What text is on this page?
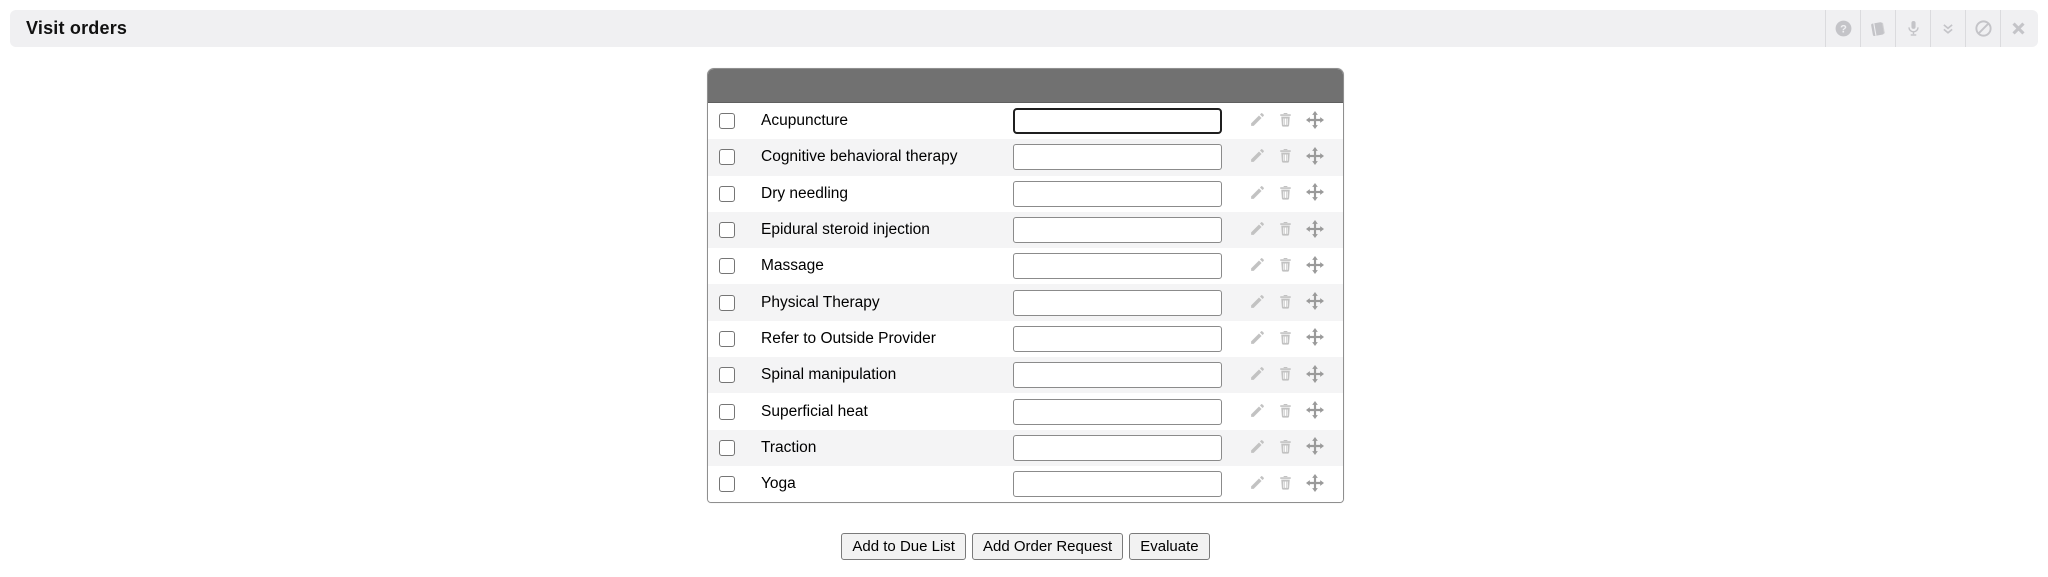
Visit orders	?
Acupuncture
Cognitive behavioral therapy
Dry needling
Epidural steroid injection
Massage
Physical Therapy
Refer to Outside Provider
Spinal manipulation
Superficial heat
Traction
Yoga
Add to Due List	Add Order Request	Evaluate
